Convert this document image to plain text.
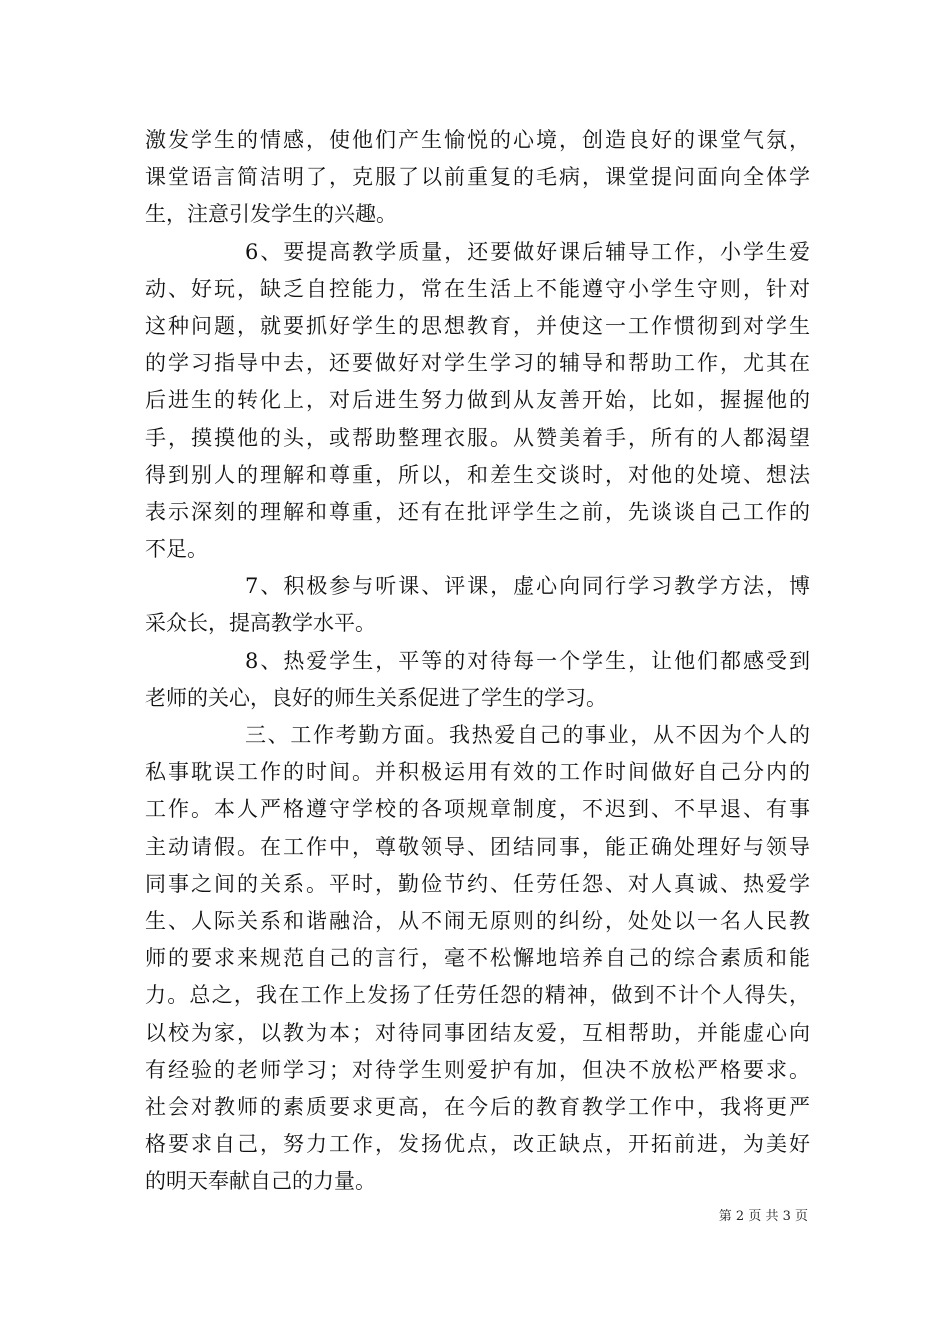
激发学生的情感，使他们产生愉悦的心境，创造良好的课堂气氛，
课堂语言简洁明了，克服了以前重复的毛病，课堂提问面向全体学
生，注意引发学生的兴趣。
6、要提高教学质量，还要做好课后辅导工作，小学生爱
动、好玩，缺乏自控能力，常在生活上不能遵守小学生守则，针对
这种问题，就要抓好学生的思想教育，并使这一工作惯彻到对学生
的学习指导中去，还要做好对学生学习的辅导和帮助工作，尤其在
后进生的转化上，对后进生努力做到从友善开始，比如，握握他的
手，摸摸他的头，或帮助整理衣服。从赞美着手，所有的人都渴望
得到别人的理解和尊重，所以，和差生交谈时，对他的处境、想法
表示深刻的理解和尊重，还有在批评学生之前，先谈谈自己工作的
不足。
7、积极参与听课、评课，虚心向同行学习教学方法，博
采众长，提高教学水平。
8、热爱学生，平等的对待每一个学生，让他们都感受到
老师的关心，良好的师生关系促进了学生的学习。
三、工作考勤方面。我热爱自己的事业，从不因为个人的
私事耽误工作的时间。并积极运用有效的工作时间做好自己分内的
工作。本人严格遵守学校的各项规章制度，不迟到、不早退、有事
主动请假。在工作中，尊敬领导、团结同事，能正确处理好与领导
同事之间的关系。平时，勤俭节约、任劳任怨、对人真诚、热爱学
生、人际关系和谐融洽，从不闹无原则的纠纷，处处以一名人民教
师的要求来规范自己的言行，毫不松懈地培养自己的综合素质和能
力。总之，我在工作上发扬了任劳任怨的精神，做到不计个人得失，
以校为家，以教为本；对待同事团结友爱，互相帮助，并能虚心向
有经验的老师学习；对待学生则爱护有加，但决不放松严格要求。
社会对教师的素质要求更高，在今后的教育教学工作中，我将更严
格要求自己，努力工作，发扬优点，改正缺点，开拓前进，为美好
的明天奉献自己的力量。
第 2 页 共 3 页
